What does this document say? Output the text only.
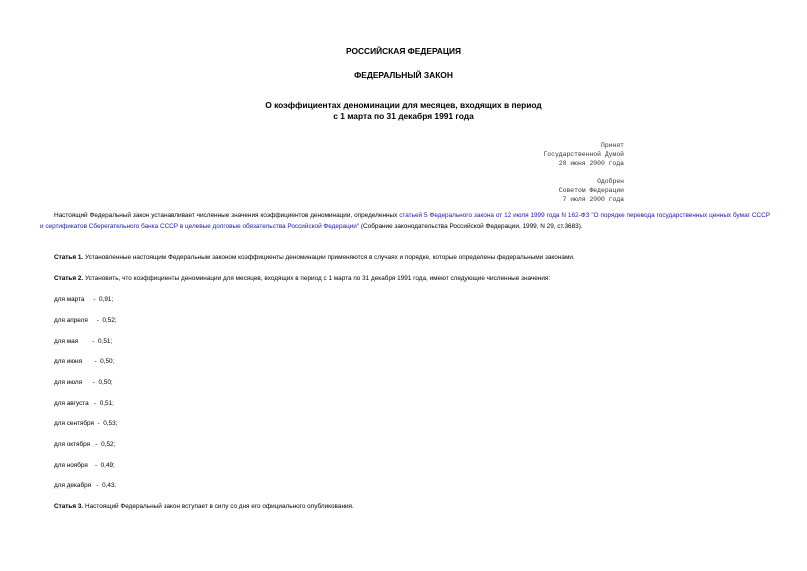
РОССИЙСКАЯ ФЕДЕРАЦИЯ
ФЕДЕРАЛЬНЫЙ ЗАКОН
О коэффициентах деноминации для месяцев, входящих в период
с 1 марта по 31 декабря 1991 года
Принят
Государственной Думой
28 июня 2000 года
Одобрен
Советом Федерации
7 июля 2000 года
Настоящий Федеральный закон устанавливает численные значения коэффициентов деноминации, определенных статьей 5 Федерального закона от 12 июля 1999 года N 162-ФЗ "О порядке перевода государственных ценных бумаг СССР и сертификатов Сберегательного банка СССР в целевые долговые обязательства Российской Федерации" (Собрание законодательства Российской Федерации, 1999, N 29, ст.3683).
Статья 1. Установленные настоящим Федеральным законом коэффициенты деноминации применяются в случаях и порядке, которые определены федеральными законами.
Статья 2. Установить, что коэффициенты деноминации для месяцев, входящих в период с 1 марта по 31 декабря 1991 года, имеют следующие численные значения:
для марта     -  0,91;
для апреля     -  0,52;
для мая        -  0,51;
для июня       -  0,50;
для июля      -  0,50;
для августа   -  0,51;
для сентября  -  0,53;
для октября   -  0,52;
для ноября    -  0,49;
для декабря   -  0,43.
Статья 3. Настоящий Федеральный закон вступает в силу со дня его официального опубликования.
